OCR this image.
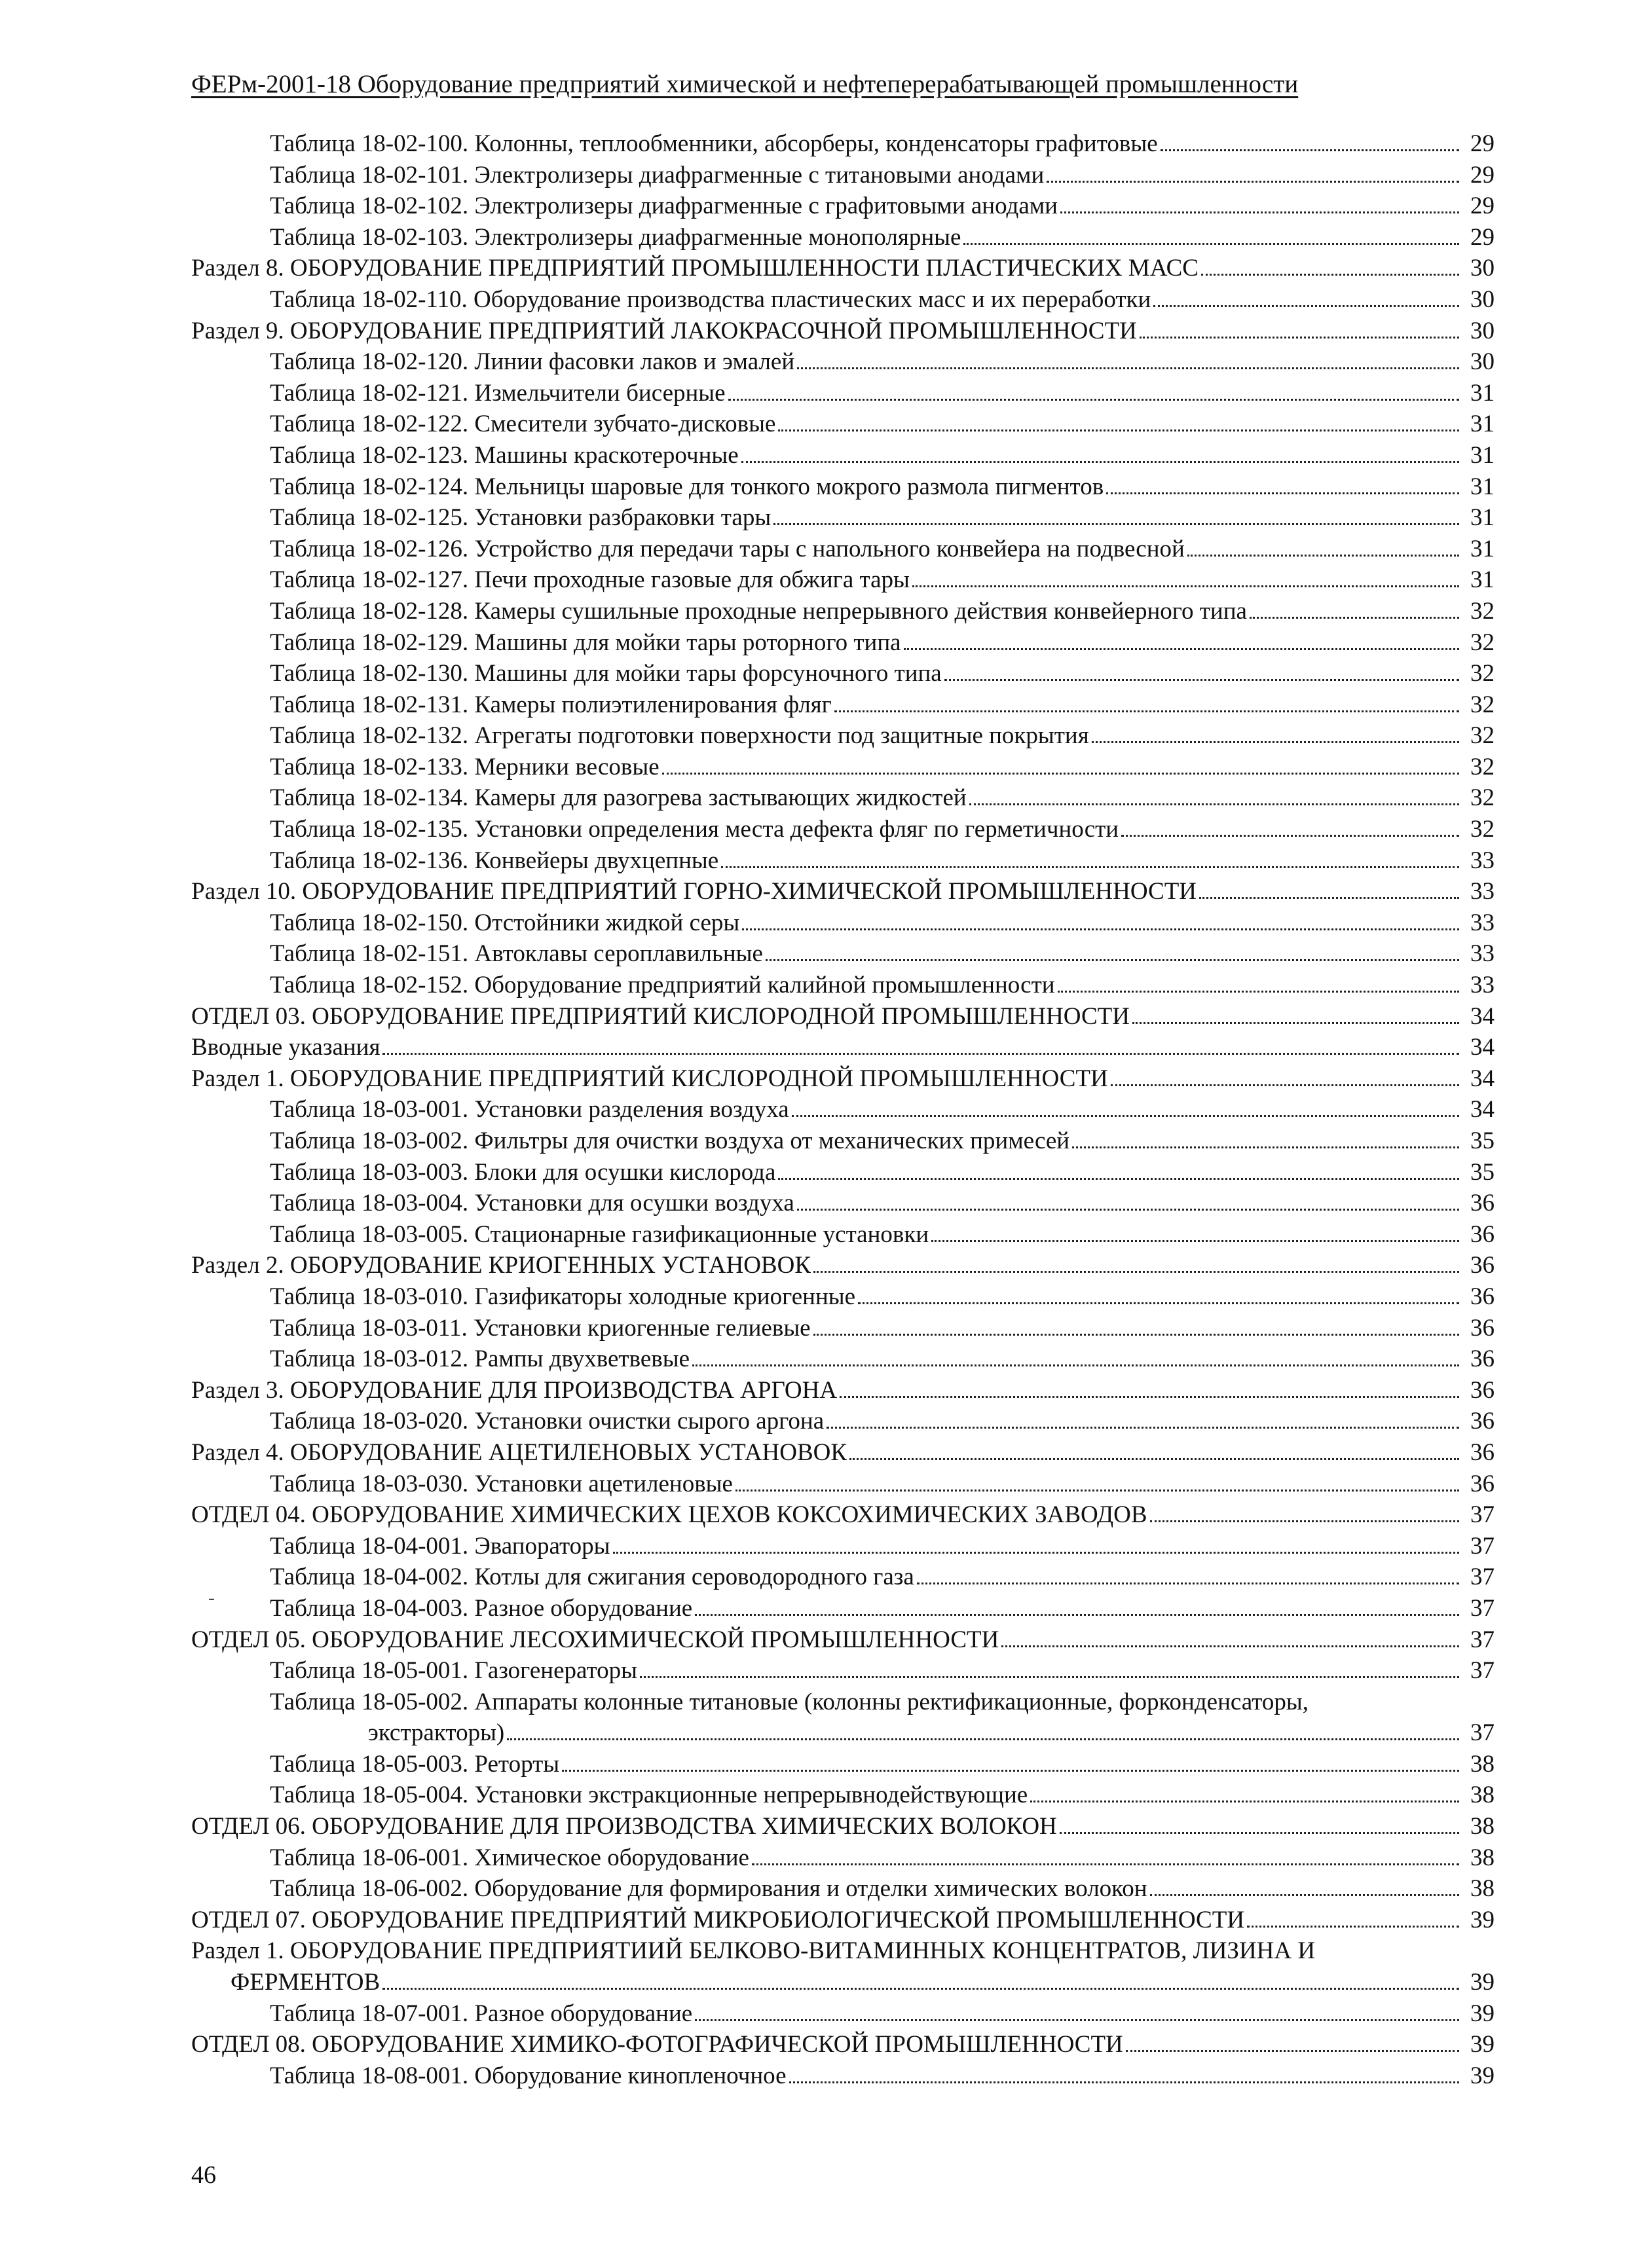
ФЕРм-2001-18 Оборудование предприятий химической и нефтеперерабатывающей промышленности
Таблица 18-02-100. Колонны, теплообменники, абсорберы, конденсаторы графитовые	29
Таблица 18-02-101. Электролизеры диафрагменные с титановыми анодами	29
Таблица 18-02-102. Электролизеры диафрагменные с графитовыми анодами	29
Таблица 18-02-103. Электролизеры диафрагменные монополярные	29
Раздел 8. ОБОРУДОВАНИЕ ПРЕДПРИЯТИЙ ПРОМЫШЛЕННОСТИ ПЛАСТИЧЕСКИХ МАСС	30
Таблица 18-02-110. Оборудование производства пластических масс и их переработки	30
Раздел 9. ОБОРУДОВАНИЕ ПРЕДПРИЯТИЙ ЛАКОКРАСОЧНОЙ ПРОМЫШЛЕННОСТИ	30
Таблица 18-02-120. Линии фасовки лаков и эмалей	30
Таблица 18-02-121. Измельчители бисерные	31
Таблица 18-02-122. Смесители зубчато-дисковые	31
Таблица 18-02-123. Машины краскотерочные	31
Таблица 18-02-124. Мельницы шаровые для тонкого мокрого размола пигментов	31
Таблица 18-02-125. Установки разбраковки тары	31
Таблица 18-02-126. Устройство для передачи тары с напольного конвейера на подвесной	31
Таблица 18-02-127. Печи проходные газовые для обжига тары	31
Таблица 18-02-128. Камеры сушильные проходные непрерывного действия конвейерного типа	32
Таблица 18-02-129. Машины для мойки тары роторного типа	32
Таблица 18-02-130. Машины для мойки тары форсуночного типа	32
Таблица 18-02-131. Камеры полиэтиленирования фляг	32
Таблица 18-02-132. Агрегаты подготовки поверхности под защитные покрытия	32
Таблица 18-02-133. Мерники весовые	32
Таблица 18-02-134. Камеры для разогрева застывающих жидкостей	32
Таблица 18-02-135. Установки определения места дефекта фляг по герметичности	32
Таблица 18-02-136. Конвейеры двухцепные	33
Раздел 10. ОБОРУДОВАНИЕ ПРЕДПРИЯТИЙ ГОРНО-ХИМИЧЕСКОЙ ПРОМЫШЛЕННОСТИ	33
Таблица 18-02-150. Отстойники жидкой серы	33
Таблица 18-02-151. Автоклавы сероплавильные	33
Таблица 18-02-152. Оборудование предприятий калийной промышленности	33
ОТДЕЛ 03. ОБОРУДОВАНИЕ ПРЕДПРИЯТИЙ КИСЛОРОДНОЙ ПРОМЫШЛЕННОСТИ	34
Вводные указания	34
Раздел 1. ОБОРУДОВАНИЕ ПРЕДПРИЯТИЙ КИСЛОРОДНОЙ ПРОМЫШЛЕННОСТИ	34
Таблица 18-03-001. Установки разделения воздуха	34
Таблица 18-03-002. Фильтры для очистки воздуха от механических примесей	35
Таблица 18-03-003. Блоки для осушки кислорода	35
Таблица 18-03-004. Установки для осушки воздуха	36
Таблица 18-03-005. Стационарные газификационные установки	36
Раздел 2. ОБОРУДОВАНИЕ КРИОГЕННЫХ УСТАНОВОК	36
Таблица 18-03-010. Газификаторы холодные криогенные	36
Таблица 18-03-011. Установки криогенные гелиевые	36
Таблица 18-03-012. Рампы двухветвевые	36
Раздел 3. ОБОРУДОВАНИЕ ДЛЯ ПРОИЗВОДСТВА АРГОНА	36
Таблица 18-03-020. Установки очистки сырого аргона	36
Раздел 4. ОБОРУДОВАНИЕ АЦЕТИЛЕНОВЫХ УСТАНОВОК	36
Таблица 18-03-030. Установки ацетиленовые	36
ОТДЕЛ 04. ОБОРУДОВАНИЕ ХИМИЧЕСКИХ ЦЕХОВ КОКСОХИМИЧЕСКИХ ЗАВОДОВ	37
Таблица 18-04-001. Эвапораторы	37
Таблица 18-04-002. Котлы для сжигания сероводородного газа	37
Таблица 18-04-003. Разное оборудование	37
ОТДЕЛ 05. ОБОРУДОВАНИЕ ЛЕСОХИМИЧЕСКОЙ ПРОМЫШЛЕННОСТИ	37
Таблица 18-05-001. Газогенераторы	37
Таблица 18-05-002. Аппараты колонные титановые (колонны ректификационные, форконденсаторы,
экстракторы)	37
Таблица 18-05-003. Реторты	38
Таблица 18-05-004. Установки экстракционные непрерывнодействующие	38
ОТДЕЛ 06. ОБОРУДОВАНИЕ ДЛЯ ПРОИЗВОДСТВА ХИМИЧЕСКИХ ВОЛОКОН	38
Таблица 18-06-001. Химическое оборудование	38
Таблица 18-06-002. Оборудование для формирования и отделки химических волокон	38
ОТДЕЛ 07. ОБОРУДОВАНИЕ ПРЕДПРИЯТИЙ МИКРОБИОЛОГИЧЕСКОЙ ПРОМЫШЛЕННОСТИ	39
Раздел 1. ОБОРУДОВАНИЕ ПРЕДПРИЯТИИЙ БЕЛКОВО-ВИТАМИННЫХ КОНЦЕНТРАТОВ, ЛИЗИНА И
ФЕРМЕНТОВ	39
Таблица 18-07-001. Разное оборудование	39
ОТДЕЛ 08. ОБОРУДОВАНИЕ ХИМИКО-ФОТОГРАФИЧЕСКОЙ ПРОМЫШЛЕННОСТИ	39
Таблица 18-08-001. Оборудование кинопленочное	39
-
46
